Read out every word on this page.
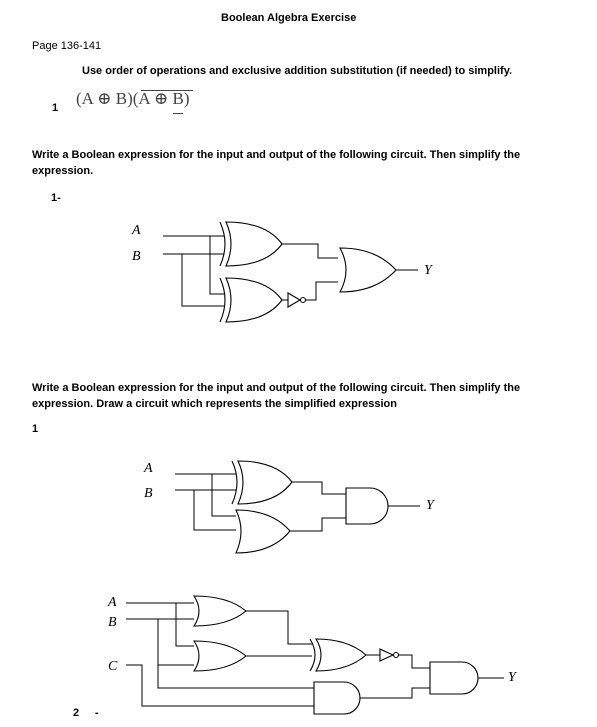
Boolean Algebra Exercise
Page 136-141
Use order of operations and exclusive addition substitution (if needed) to simplify.
1 (A ⊕ B)(A ⊕ B)
Write a Boolean expression for the input and output of the following circuit. Then simplify the
expression.
1-
Write a Boolean expression for the input and output of the following circuit. Then simplify the
expression. Draw a circuit which represents the simplified expression
1
2 -
A
B
Y
A
B
Y
A
B
C
Y
